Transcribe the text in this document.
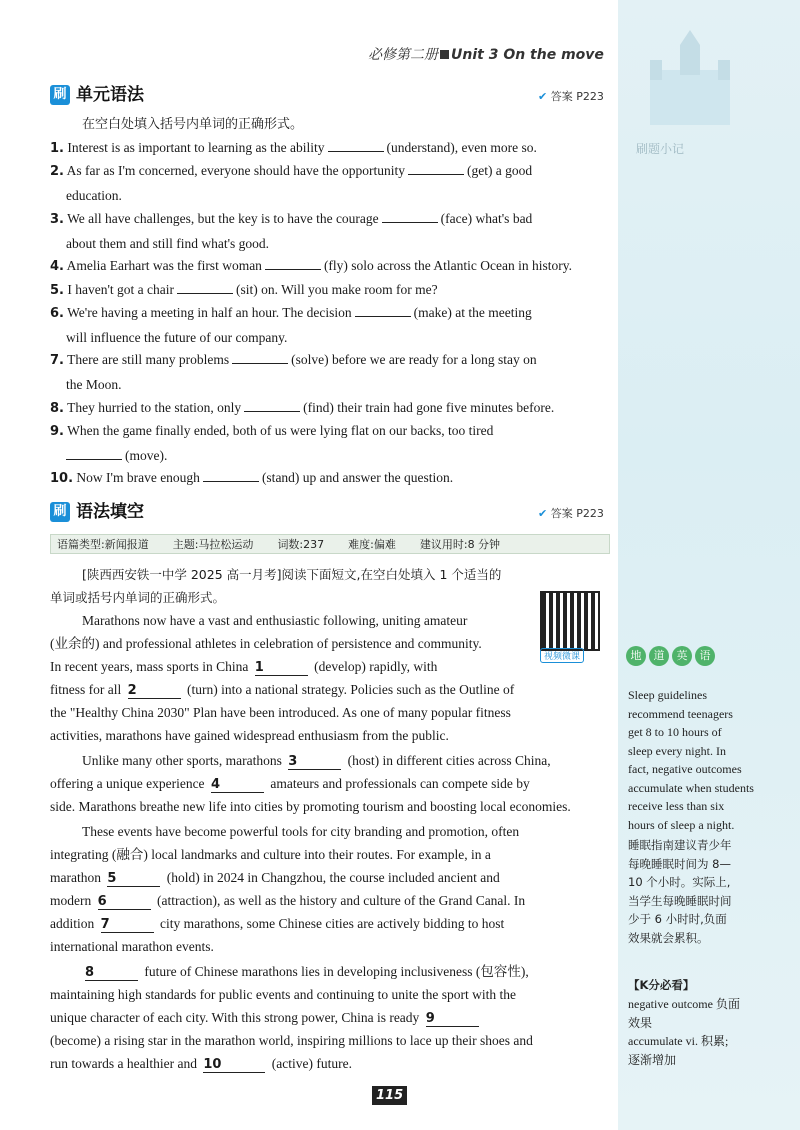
刷题小记
必修第二册 Unit 3 On the move
刷 单元语法	✔ 答案 P223
在空白处填入括号内单词的正确形式。
1. Interest is as important to learning as the ability	(understand), even more so.
2. As far as I'm concerned, everyone should have the opportunity	(get) a good
education.
3. We all have challenges, but the key is to have the courage	(face) what's bad
about them and still find what's good.
4. Amelia Earhart was the first woman	(fly) solo across the Atlantic Ocean in history.
5. I haven't got a chair	(sit) on. Will you make room for me?
6. We're having a meeting in half an hour. The decision	(make) at the meeting
will influence the future of our company.
7. There are still many problems	(solve) before we are ready for a long stay on
the Moon.
8. They hurried to the station, only	(find) their train had gone five minutes before.
9. When the game finally ended, both of us were lying flat on our backs, too tired
(move).
10. Now I'm brave enough	(stand) up and answer the question.
刷 语法填空	✔ 答案 P223
语篇类型:新闻报道 主题:马拉松运动 词数:237 难度:偏难 建议用时:8 分钟
[陕西西安铁一中学 2025 高一月考]阅读下面短文,在空白处填入 1 个适当的
单词或括号内单词的正确形式。
视频微课
Marathons now have a vast and enthusiastic following, uniting amateur
(业余的) and professional athletes in celebration of persistence and community.
In recent years, mass sports in China 1	(develop) rapidly, with
fitness for all 2	(turn) into a national strategy. Policies such as the Outline of
the "Healthy China 2030" Plan have been introduced. As one of many popular fitness
activities, marathons have gained widespread enthusiasm from the public.
Unlike many other sports, marathons 3	(host) in different cities across China,
offering a unique experience 4	amateurs and professionals can compete side by
side. Marathons breathe new life into cities by promoting tourism and boosting local economies.
These events have become powerful tools for city branding and promotion, often
integrating (融合) local landmarks and culture into their routes. For example, in a
marathon 5	(hold) in 2024 in Changzhou, the course included ancient and
modern 6	(attraction), as well as the history and culture of the Grand Canal. In
addition 7	city marathons, some Chinese cities are actively bidding to host
international marathon events.
8	future of Chinese marathons lies in developing inclusiveness (包容性),
maintaining high standards for public events and continuing to unite the sport with the
unique character of each city. With this strong power, China is ready 9
(become) a rising star in the marathon world, inspiring millions to lace up their shoes and
run towards a healthier and 10	(active) future.
115
地	道	英	语
Sleep guidelines
recommend teenagers
get 8 to 10 hours of
sleep every night. In
fact, negative outcomes
accumulate when students
receive less than six
hours of sleep a night.
睡眠指南建议青少年
每晚睡眠时间为 8—
10 个小时。实际上,
当学生每晚睡眠时间
少于 6 小时时,负面
效果就会累积。
【K分必看】
negative outcome 负面
效果
accumulate vi. 积累;
逐渐增加
